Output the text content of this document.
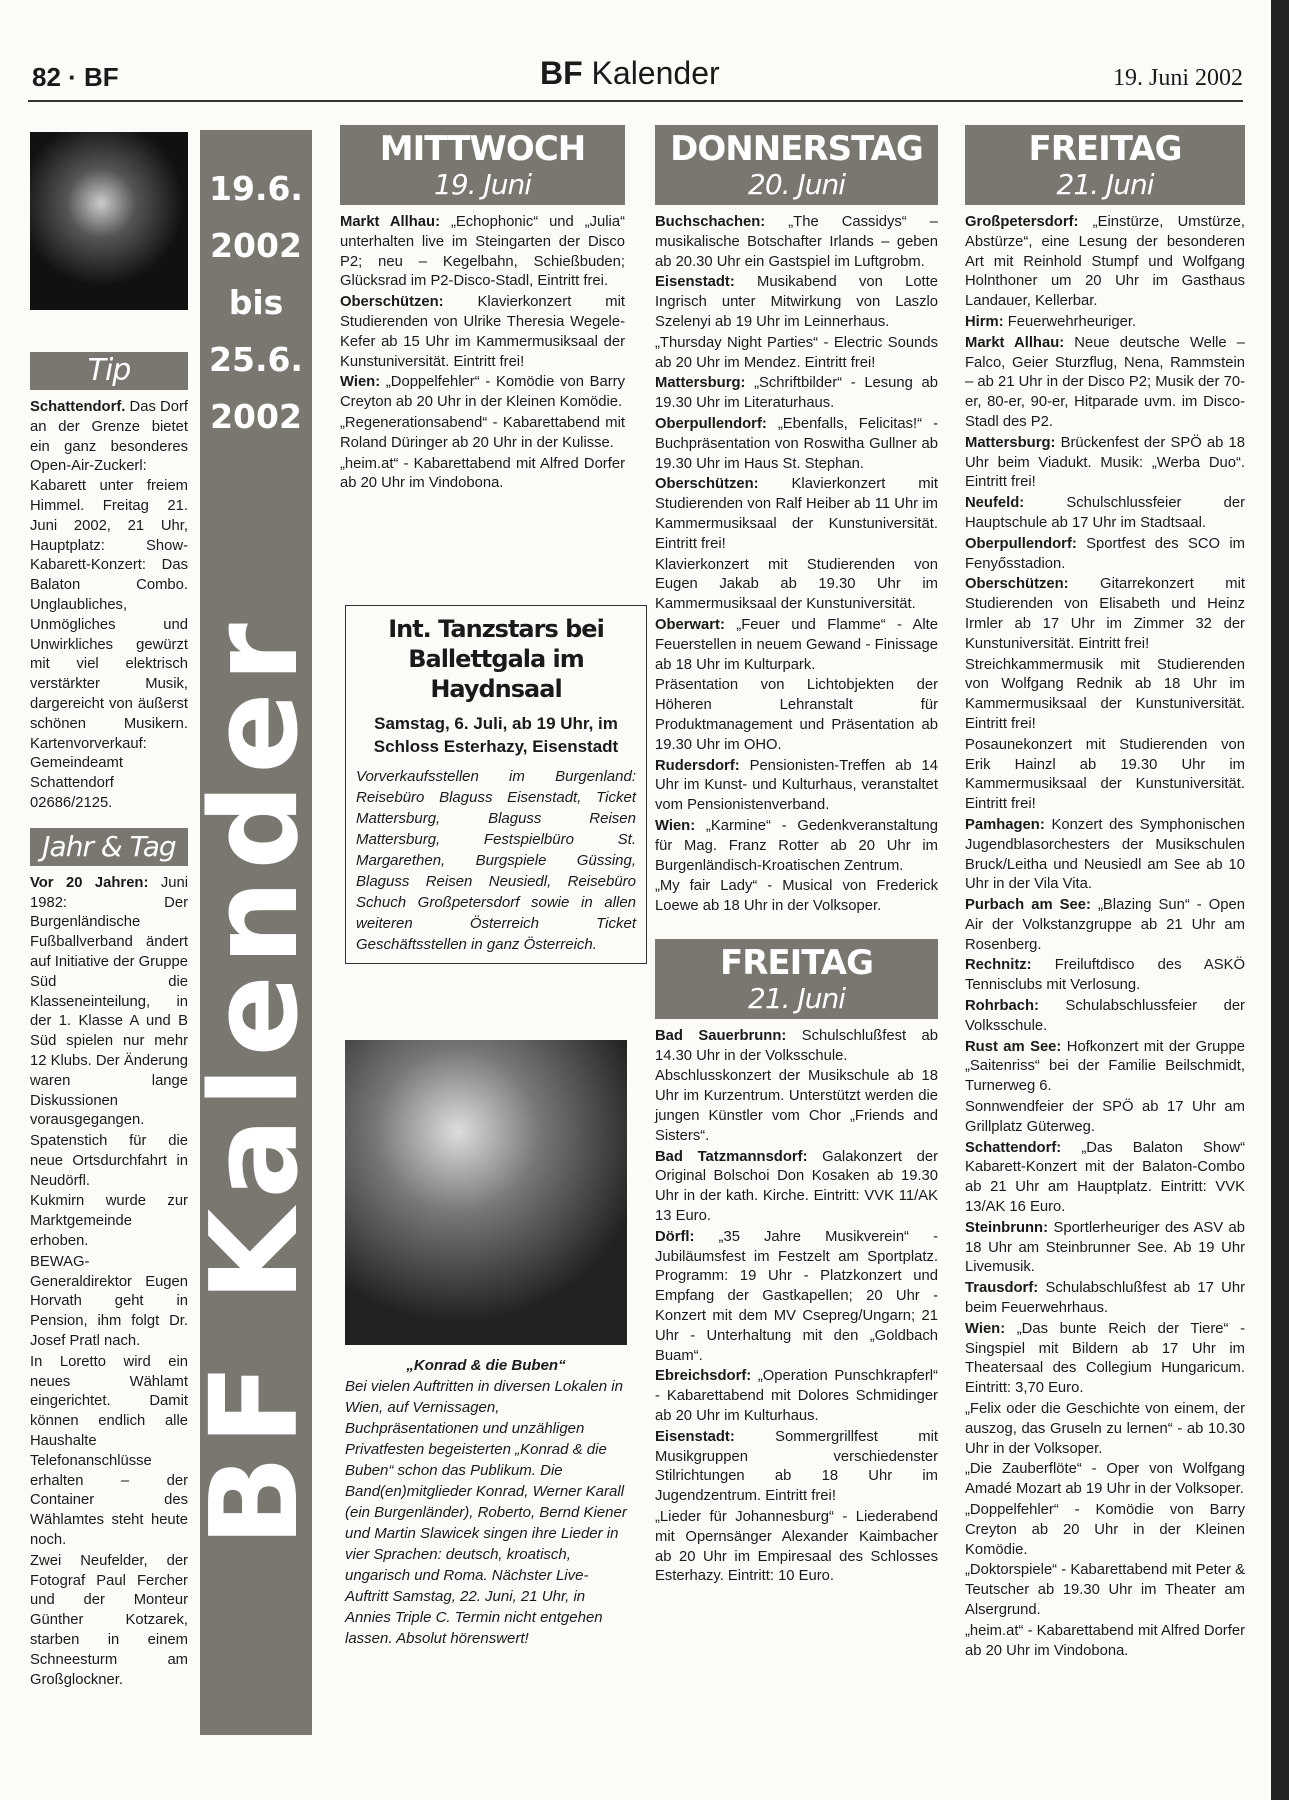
82 · BF	BF Kalender	19. Juni 2002
Tip

Schattendorf. Das Dorf an der Grenze bietet ein ganz besonderes Open-Air-Zuckerl: Kabarett unter freiem Himmel. Freitag 21. Juni 2002, 21 Uhr, Hauptplatz: Show-Kabarett-Konzert: Das Balaton Combo. Unglaubliches, Unmögliches und Unwirkliches gewürzt mit viel elektrisch verstärkter Musik, dargereicht von äußerst schönen Musikern. Kartenvorverkauf: Gemeindeamt Schattendorf 02686/2125.

Jahr & Tag

Vor 20 Jahren: Juni 1982: Der Burgenländische Fußballverband ändert auf Initiative der Gruppe Süd die Klasseneinteilung, in der 1. Klasse A und B Süd spielen nur mehr 12 Klubs. Der Änderung waren lange Diskussionen vorausgegangen.

Spatenstich für die neue Ortsdurchfahrt in Neudörfl.

Kukmirn wurde zur Marktgemeinde erhoben.

BEWAG-Generaldirektor Eugen Horvath geht in Pension, ihm folgt Dr. Josef Pratl nach.

In Loretto wird ein neues Wählamt eingerichtet. Damit können endlich alle Haushalte Telefonanschlüsse erhalten – der Container des Wählamtes steht heute noch.

Zwei Neufelder, der Fotograf Paul Fercher und der Monteur Günther Kotzarek, starben in einem Schneesturm am Großglockner.

19.6.
2002
bis
25.6.
2002
BF Kalender
MITTWOCH
19. Juni

Markt Allhau: „Echophonic“ und „Julia“ unterhalten live im Steingarten der Disco P2; neu – Kegelbahn, Schießbuden; Glücksrad im P2-Disco-Stadl, Eintritt frei.

Oberschützen: Klavierkonzert mit Studierenden von Ulrike Theresia Wegele-Kefer ab 15 Uhr im Kammermusiksaal der Kunstuniversität. Eintritt frei!

Wien: „Doppelfehler“ - Komödie von Barry Creyton ab 20 Uhr in der Kleinen Komödie.

„Regenerationsabend“ - Kabarettabend mit Roland Düringer ab 20 Uhr in der Kulisse.

„heim.at“ - Kabarettabend mit Alfred Dorfer ab 20 Uhr im Vindobona.

Int. Tanzstars bei Ballettgala im Haydnsaal
Samstag, 6. Juli, ab 19 Uhr, im Schloss Esterhazy, Eisenstadt

Vorverkaufsstellen im Burgenland: Reisebüro Blaguss Eisenstadt, Ticket Mattersburg, Blaguss Reisen Mattersburg, Festspielbüro St. Margarethen, Burgspiele Güssing, Blaguss Reisen Neusiedl, Reisebüro Schuch Großpetersdorf sowie in allen weiteren Österreich Ticket Geschäftsstellen in ganz Österreich.

„Konrad & die Buben“
Bei vielen Auftritten in diversen Lokalen in Wien, auf Vernissagen, Buchpräsentationen und unzähligen Privatfesten begeisterten „Konrad & die Buben“ schon das Publikum. Die Band(en)mitglieder Konrad, Werner Karall (ein Burgenländer), Roberto, Bernd Kiener und Martin Slawicek singen ihre Lieder in vier Sprachen: deutsch, kroatisch, ungarisch und Roma. Nächster Live-Auftritt Samstag, 22. Juni, 21 Uhr, in Annies Triple C. Termin nicht entgehen lassen. Absolut hörenswert!
DONNERSTAG
20. Juni

Buchschachen: „The Cassidys“ – musikalische Botschafter Irlands – geben ab 20.30 Uhr ein Gastspiel im Luftgrobm.

Eisenstadt: Musikabend von Lotte Ingrisch unter Mitwirkung von Laszlo Szelenyi ab 19 Uhr im Leinnerhaus.

„Thursday Night Parties“ - Electric Sounds ab 20 Uhr im Mendez. Eintritt frei!

Mattersburg: „Schriftbilder“ - Lesung ab 19.30 Uhr im Literaturhaus.

Oberpullendorf: „Ebenfalls, Felicitas!“ - Buchpräsentation von Roswitha Gullner ab 19.30 Uhr im Haus St. Stephan.

Oberschützen: Klavierkonzert mit Studierenden von Ralf Heiber ab 11 Uhr im Kammermusiksaal der Kunstuniversität. Eintritt frei!

Klavierkonzert mit Studierenden von Eugen Jakab ab 19.30 Uhr im Kammermusiksaal der Kunstuniversität.

Oberwart: „Feuer und Flamme“ - Alte Feuerstellen in neuem Gewand - Finissage ab 18 Uhr im Kulturpark.

Präsentation von Lichtobjekten der Höheren Lehranstalt für Produktmanagement und Präsentation ab 19.30 Uhr im OHO.

Rudersdorf: Pensionisten-Treffen ab 14 Uhr im Kunst- und Kulturhaus, veranstaltet vom Pensionistenverband.

Wien: „Karmine“ - Gedenkveranstaltung für Mag. Franz Rotter ab 20 Uhr im Burgenländisch-Kroatischen Zentrum.

„My fair Lady“ - Musical von Frederick Loewe ab 18 Uhr in der Volksoper.

FREITAG
21. Juni

Bad Sauerbrunn: Schulschlußfest ab 14.30 Uhr in der Volksschule.

Abschlusskonzert der Musikschule ab 18 Uhr im Kurzentrum. Unterstützt werden die jungen Künstler vom Chor „Friends and Sisters“.

Bad Tatzmannsdorf: Galakonzert der Original Bolschoi Don Kosaken ab 19.30 Uhr in der kath. Kirche. Eintritt: VVK 11/AK 13 Euro.

Dörfl: „35 Jahre Musikverein“ - Jubiläumsfest im Festzelt am Sportplatz. Programm: 19 Uhr - Platzkonzert und Empfang der Gastkapellen; 20 Uhr - Konzert mit dem MV Csepreg/Ungarn; 21 Uhr - Unterhaltung mit den „Goldbach Buam“.

Ebreichsdorf: „Operation Punschkrapferl“ - Kabarettabend mit Dolores Schmidinger ab 20 Uhr im Kulturhaus.

Eisenstadt: Sommergrillfest mit Musikgruppen verschiedenster Stilrichtungen ab 18 Uhr im Jugendzentrum. Eintritt frei!

„Lieder für Johannesburg“ - Liederabend mit Opernsänger Alexander Kaimbacher ab 20 Uhr im Empiresaal des Schlosses Esterhazy. Eintritt: 10 Euro.

FREITAG
21. Juni

Großpetersdorf: „Einstürze, Umstürze, Abstürze“, eine Lesung der besonderen Art mit Reinhold Stumpf und Wolfgang Holnthoner um 20 Uhr im Gasthaus Landauer, Kellerbar.

Hirm: Feuerwehrheuriger.

Markt Allhau: Neue deutsche Welle – Falco, Geier Sturzflug, Nena, Rammstein – ab 21 Uhr in der Disco P2; Musik der 70-er, 80-er, 90-er, Hitparade uvm. im Disco-Stadl des P2.

Mattersburg: Brückenfest der SPÖ ab 18 Uhr beim Viadukt. Musik: „Werba Duo“. Eintritt frei!

Neufeld: Schulschlussfeier der Hauptschule ab 17 Uhr im Stadtsaal.

Oberpullendorf: Sportfest des SCO im Fenyősstadion.

Oberschützen: Gitarrekonzert mit Studierenden von Elisabeth und Heinz Irmler ab 17 Uhr im Zimmer 32 der Kunstuniversität. Eintritt frei!

Streichkammermusik mit Studierenden von Wolfgang Rednik ab 18 Uhr im Kammermusiksaal der Kunstuniversität. Eintritt frei!

Posaunekonzert mit Studierenden von Erik Hainzl ab 19.30 Uhr im Kammermusiksaal der Kunstuniversität. Eintritt frei!

Pamhagen: Konzert des Symphonischen Jugendblasorchesters der Musikschulen Bruck/Leitha und Neusiedl am See ab 10 Uhr in der Vila Vita.

Purbach am See: „Blazing Sun“ - Open Air der Volkstanzgruppe ab 21 Uhr am Rosenberg.

Rechnitz: Freiluftdisco des ASKÖ Tennisclubs mit Verlosung.

Rohrbach: Schulabschlussfeier der Volksschule.

Rust am See: Hofkonzert mit der Gruppe „Saitenriss“ bei der Familie Beilschmidt, Turnerweg 6.

Sonnwendfeier der SPÖ ab 17 Uhr am Grillplatz Güterweg.

Schattendorf: „Das Balaton Show“ Kabarett-Konzert mit der Balaton-Combo ab 21 Uhr am Hauptplatz. Eintritt: VVK 13/AK 16 Euro.

Steinbrunn: Sportlerheuriger des ASV ab 18 Uhr am Steinbrunner See. Ab 19 Uhr Livemusik.

Trausdorf: Schulabschlußfest ab 17 Uhr beim Feuerwehrhaus.

Wien: „Das bunte Reich der Tiere“ - Singspiel mit Bildern ab 17 Uhr im Theatersaal des Collegium Hungaricum. Eintritt: 3,70 Euro.

„Felix oder die Geschichte von einem, der auszog, das Gruseln zu lernen“ - ab 10.30 Uhr in der Volksoper.

„Die Zauberflöte“ - Oper von Wolfgang Amadé Mozart ab 19 Uhr in der Volksoper.

„Doppelfehler“ - Komödie von Barry Creyton ab 20 Uhr in der Kleinen Komödie.

„Doktorspiele“ - Kabarettabend mit Peter & Teutscher ab 19.30 Uhr im Theater am Alsergrund.

„heim.at“ - Kabarettabend mit Alfred Dorfer ab 20 Uhr im Vindobona.
